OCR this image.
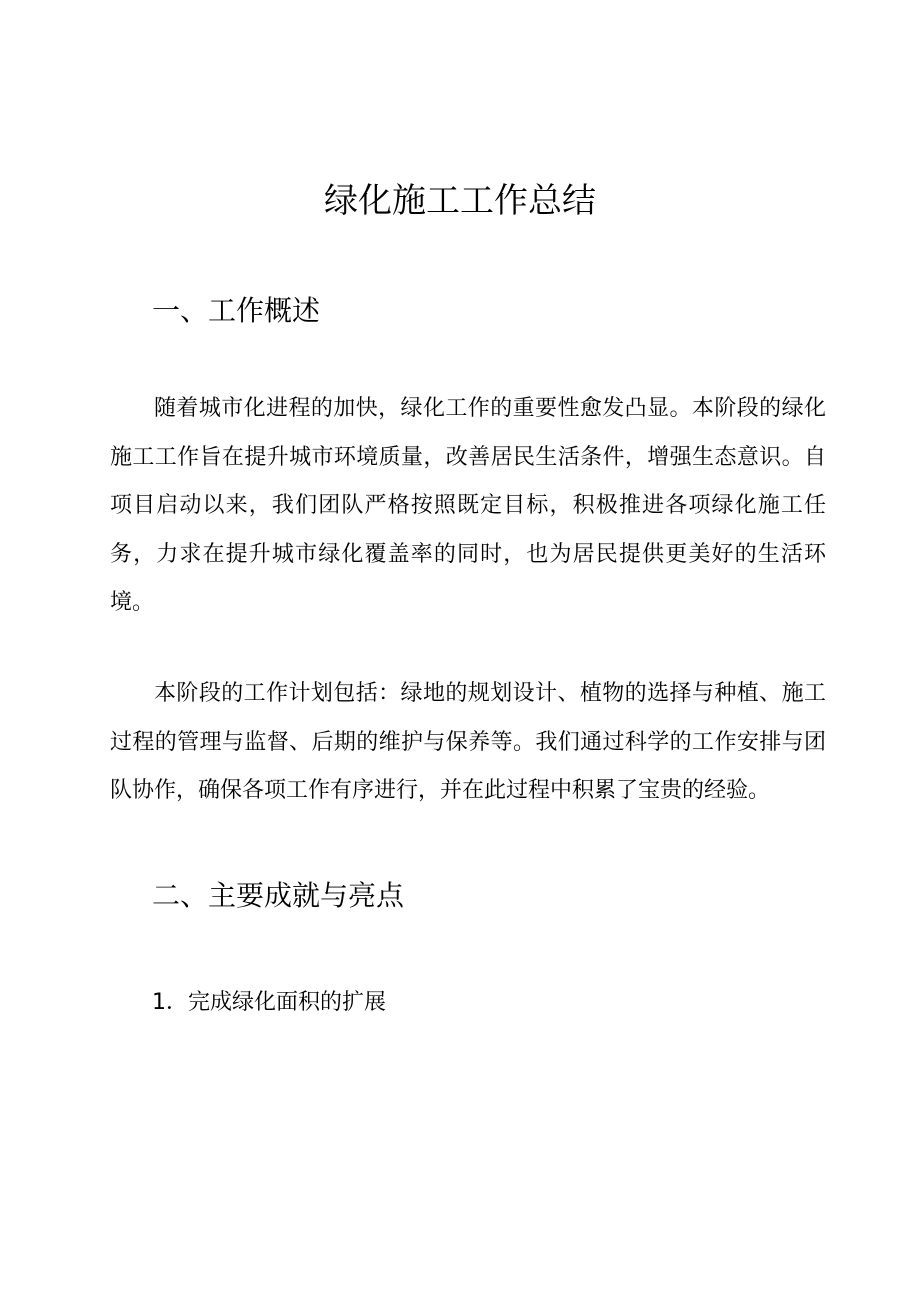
绿化施工工作总结
一、工作概述

随着城市化进程的加快，绿化工作的重要性愈发凸显。本阶段的绿化施工工作旨在提升城市环境质量，改善居民生活条件，增强生态意识。自项目启动以来，我们团队严格按照既定目标，积极推进各项绿化施工任务，力求在提升城市绿化覆盖率的同时，也为居民提供更美好的生活环境。

本阶段的工作计划包括：绿地的规划设计、植物的选择与种植、施工过程的管理与监督、后期的维护与保养等。我们通过科学的工作安排与团队协作，确保各项工作有序进行，并在此过程中积累了宝贵的经验。

二、主要成就与亮点
1．完成绿化面积的扩展
